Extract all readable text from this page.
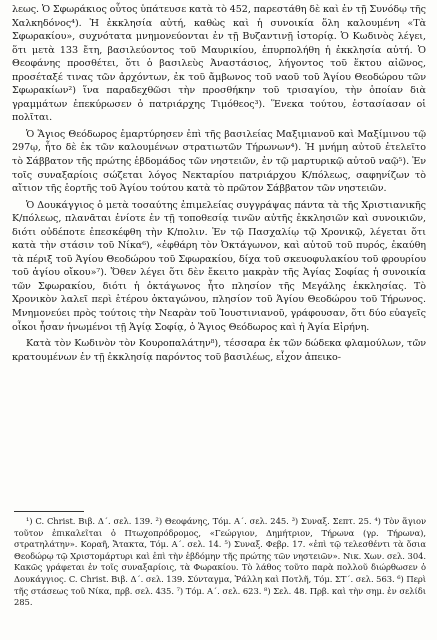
λεως. Ὁ Σφωράκιος οὗτος ὑπάτευσε κατὰ τὸ 452, παρεστάθη δὲ καὶ ἐν τῇ Συνόδῳ τῆς Χαλκηδόνος⁴). Ἡ ἐκκλησία αὐτή, καθὼς καὶ ἡ συνοικία ὅλη καλουμένη «Τὰ Σφωρακίου», συχνότατα μνημονεύονται ἐν τῇ Βυζαντινῇ ἱστορίᾳ. Ὁ Κωδινὸς λέγει, ὅτι μετὰ 133 ἔτη, βασιλεύοντος τοῦ Μαυρικίου, ἐπυρπολήθη ἡ ἐκκλησία αὐτή. Ὁ Θεοφάνης προσθέτει, ὅτι ὁ βασιλεὺς Ἀναστάσιος, λήγοντος τοῦ ἕκτου αἰῶνος, προσέταξέ τινας τῶν ἀρχόντων, ἐκ τοῦ ἄμβωνος τοῦ ναοῦ τοῦ Ἁγίου Θεοδώρου τῶν Σφωρακίων²) ἵνα παραδεχθῶσι τὴν προσθήκην τοῦ τρισαγίου, τὴν ὁποίαν διὰ γραμμάτων ἐπεκύρωσεν ὁ πατριάρχης Τιμόθεος³). Ἕνεκα τούτου, ἐστασίασαν οἱ πολῖται.

Ὁ Ἅγιος Θεόδωρος ἐμαρτύρησεν ἐπὶ τῆς βασιλείας Μαξιμιανοῦ καὶ Μαξίμινου τῷ 297ῳ, ἦτο δὲ ἐκ τῶν καλουμένων στρατιωτῶν Τήρωνων⁴). Ἡ μνήμη αὐτοῦ ἐτελεῖτο τὸ Σάββατον τῆς πρώτης ἑβδομάδος τῶν νηστειῶν, ἐν τῷ μαρτυρικῷ αὐτοῦ ναῷ⁵). Ἐν τοῖς συναξαρίοις σώζεται λόγος Νεκταρίου πατριάρχου Κ/πόλεως, σαφηνίζων τὸ αἴτιον τῆς ἑορτῆς τοῦ Ἁγίου τούτου κατὰ τὸ πρῶτον Σάββατον τῶν νηστειῶν.

Ὁ Δουκάγγιος ὁ μετὰ τοσαύτης ἐπιμελείας συγγράψας πάντα τὰ τῆς Χριστιανικῆς Κ/πόλεως, πλανᾶται ἐνίοτε ἐν τῇ τοποθεσίᾳ τινῶν αὐτῆς ἐκκλησιῶν καὶ συνοικιῶν, διότι οὐδέποτε ἐπεσκέφθη τὴν Κ/πολιν. Ἐν τῷ Πασχαλίῳ τῷ Χρονικῷ, λέγεται ὅτι κατὰ τὴν στάσιν τοῦ Νίκα⁶), «ἐφθάρη τὸν Ὀκτάγωνον, καὶ αὐτοῦ τοῦ πυρός, ἐκαύθη τὰ πέριξ τοῦ Ἁγίου Θεοδώρου τοῦ Σφωρακίου, δίχα τοῦ σκευοφυλακίου τοῦ φρουρίου τοῦ ἁγίου οἴκου»⁷). Ὅθεν λέγει ὅτι δὲν ἔκειτο μακρὰν τῆς Ἁγίας Σοφίας ἡ συνοικία τῶν Σφωρακίου, διότι ἡ ὀκτάγωνος ἦτο πλησίον τῆς Μεγάλης ἐκκλησίας. Τὸ Χρονικὸν λαλεῖ περὶ ἑτέρου ὀκταγώνου, πλησίον τοῦ Ἁγίου Θεοδώρου τοῦ Τήρωνος. Μνημονεύει πρὸς τούτοις τὴν Νεαρὰν τοῦ Ἰουστινιανοῦ, γράφουσαν, ὅτι δύο εὐαγεῖς οἶκοι ἦσαν ἡνωμένοι τῇ Ἁγίᾳ Σοφίᾳ, ὁ Ἅγιος Θεόδωρος καὶ ἡ Ἁγία Εἰρήνη.

Κατὰ τὸν Κωδινὸν τὸν Κουροπαλάτην⁸), τέσσαρα ἐκ τῶν δώδεκα φλαμούλων, τῶν κρατουμένων ἐν τῇ ἐκκλησίᾳ παρόντος τοῦ βασιλέως, εἶχον ἀπεικο-

¹) C. Christ. Βιβ. Δ΄. σελ. 139. ²) Θεοφάνης, Τόμ. Α΄. σελ. 245. ³) Συναξ. Σεπτ. 25. ⁴) Τὸν ἅγιον τοῦτον ἐπικαλεῖται ὁ Πτωχοπρόδρομος, «Γεώργιον, Δημήτριον, Τήρωνα (γρ. Τήρωνα), στρατηλάτην». Κοραῆ, Ἄτακτα, Τόμ. Α΄. σελ. 14. ⁵) Συναξ. Φεβρ. 17. «ἐπὶ τῷ τελεσθέντι τὰ ὅσια Θεοδώρῳ τῷ Χριστομάρτυρι καὶ ἐπὶ τὴν ἑβδόμην τῆς πρώτης τῶν νηστειῶν». Νικ. Χων. σελ. 304. Κακῶς γράφεται ἐν τοῖς συναξαρίοις, τὰ Φωρακίου. Τὸ λάθος τοῦτο παρὰ πολλοῦ διώρθωσεν ὁ Δουκάγγιος. C. Christ. Βιβ. Δ΄. σελ. 139. Σύνταγμα, Ῥάλλη καὶ Ποτλῆ, Τόμ. ΣΤ΄. σελ. 563. ⁶) Περὶ τῆς στάσεως τοῦ Νίκα, πρβ. σελ. 435. ⁷) Τόμ. Α΄. σελ. 623. ⁸) Σελ. 48. Πρβ. καὶ τὴν σημ. ἐν σελίδι 285.
